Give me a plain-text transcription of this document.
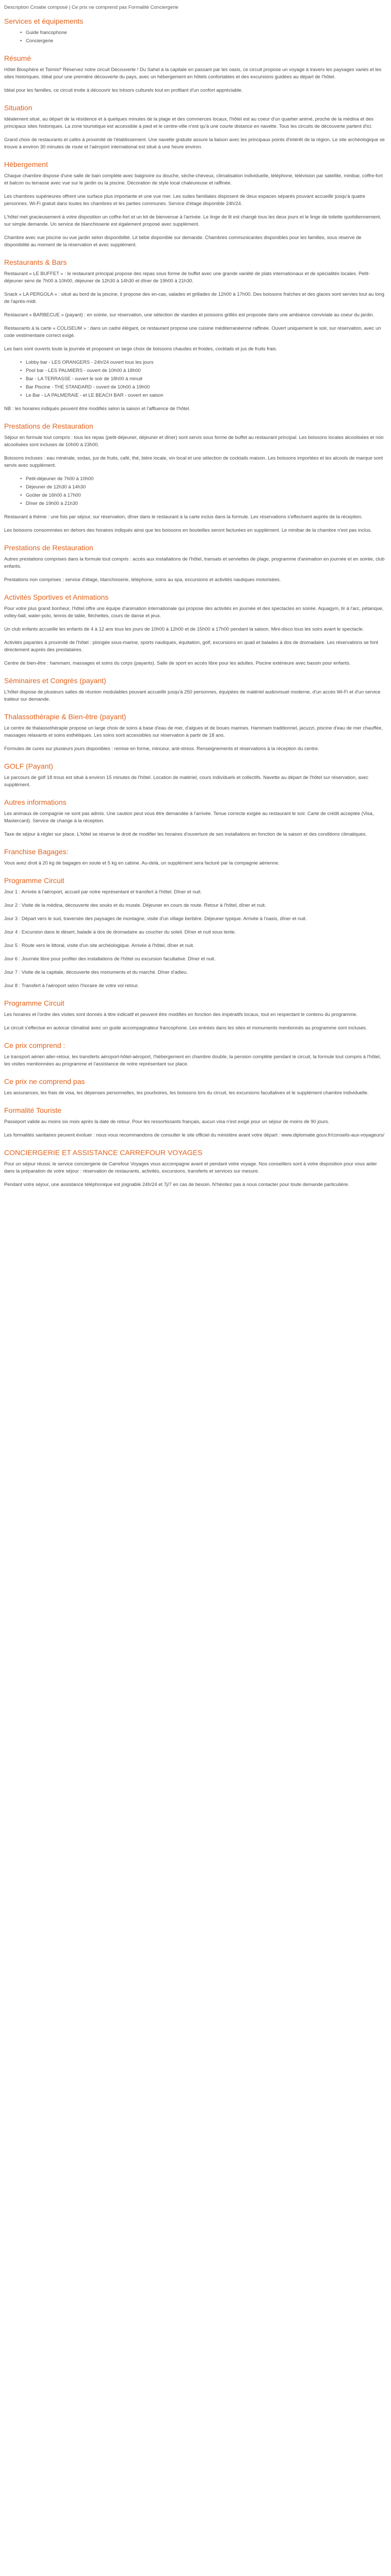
Description Croatie composé | Ce prix ne comprend pas Formalité Conciergerie
Services et équipements
• Guide francophone
• Conciergerie
Résumé

Hôtel Biosphère et Tsimisi* Réservez notre circuit Découverte ! Du Sahel à la capitale en passant par les oasis, ce circuit propose un voyage à travers les paysages variés et les sites historiques. Idéal pour une première découverte du pays, avec un hébergement en hôtels confortables et des excursions guidées au départ de l'hôtel.

Idéal pour les familles, ce circuit invite à découvrir les trésors culturels tout en profitant d'un confort appréciable.

Situation

Idéalement situé, au départ de la résidence et à quelques minutes de la plage et des commerces locaux, l'hôtel est au coeur d'un quartier animé, proche de la médina et des principaux sites historiques. La zone touristique est accessible à pied et le centre-ville n'est qu'à une courte distance en navette. Tous les circuits de découverte partent d'ici.

Grand choix de restaurants et cafés à proximité de l'établissement. Une navette gratuite assure la liaison avec les principaux points d'intérêt de la région. Le site archéologique se trouve à environ 30 minutes de route et l'aéroport international est situé à une heure environ.

Hébergement

Chaque chambre dispose d'une salle de bain complète avec baignoire ou douche, sèche-cheveux, climatisation individuelle, téléphone, télévision par satellite, minibar, coffre-fort et balcon ou terrasse avec vue sur le jardin ou la piscine. Décoration de style local chaleureuse et raffinée.

Les chambres supérieures offrent une surface plus importante et une vue mer. Les suites familiales disposent de deux espaces séparés pouvant accueillir jusqu'à quatre personnes. Wi-Fi gratuit dans toutes les chambres et les parties communes. Service d'étage disponible 24h/24.

L'hôtel met gracieusement à votre disposition un coffre-fort et un kit de bienvenue à l'arrivée. Le linge de lit est changé tous les deux jours et le linge de toilette quotidiennement, sur simple demande. Un service de blanchisserie est également proposé avec supplément.

Chambre avec vue piscine ou vue jardin selon disponibilité. Lit bébé disponible sur demande. Chambres communicantes disponibles pour les familles, sous réserve de disponibilité au moment de la réservation et avec supplément.

Restaurants & Bars

Restaurant « LE BUFFET » : le restaurant principal propose des repas sous forme de buffet avec une grande variété de plats internationaux et de spécialités locales. Petit-déjeuner servi de 7h00 à 10h00, déjeuner de 12h30 à 14h30 et dîner de 19h00 à 21h30.

Snack « LA PERGOLA » : situé au bord de la piscine, il propose des en-cas, salades et grillades de 12h00 à 17h00. Des boissons fraîches et des glaces sont servies tout au long de l'après-midi.

Restaurant « BARBECUE » (payant) : en soirée, sur réservation, une sélection de viandes et poissons grillés est proposée dans une ambiance conviviale au coeur du jardin.

Restaurants à la carte « COLISEUM » : dans un cadre élégant, ce restaurant propose une cuisine méditerranéenne raffinée. Ouvert uniquement le soir, sur réservation, avec un code vestimentaire correct exigé.

Les bars sont ouverts toute la journée et proposent un large choix de boissons chaudes et froides, cocktails et jus de fruits frais.

• Lobby bar - LES ORANGERS - 24h/24 ouvert tous les jours
• Pool bar - LES PALMIERS - ouvert de 10h00 à 18h00
• Bar - LA TERRASSE - ouvert le soir de 18h00 à minuit
• Bar Piscine - THE STANDARD - ouvert de 10h00 à 19h00
• Le Bar - LA PALMERAIE - et LE BEACH BAR - ouvert en saison

NB : les horaires indiqués peuvent être modifiés selon la saison et l'affluence de l'hôtel.

Prestations de Restauration

Séjour en formule tout compris : tous les repas (petit-déjeuner, déjeuner et dîner) sont servis sous forme de buffet au restaurant principal. Les boissons locales alcoolisées et non alcoolisées sont incluses de 10h00 à 23h00.

Boissons incluses : eau minérale, sodas, jus de fruits, café, thé, bière locale, vin local et une sélection de cocktails maison. Les boissons importées et les alcools de marque sont servis avec supplément.

• Petit-déjeuner de 7h00 à 10h00
• Déjeuner de 12h30 à 14h30
• Goûter de 16h00 à 17h00
• Dîner de 19h00 à 21h30

Restaurant à thème : une fois par séjour, sur réservation, dîner dans le restaurant à la carte inclus dans la formule. Les réservations s'effectuent auprès de la réception.

Les boissons consommées en dehors des horaires indiqués ainsi que les boissons en bouteilles seront facturées en supplément. Le minibar de la chambre n'est pas inclus.

Prestations de Restauration

Autres prestations comprises dans la formule tout compris : accès aux installations de l'hôtel, transats et serviettes de plage, programme d'animation en journée et en soirée, club enfants.

Prestations non comprises : service d'étage, blanchisserie, téléphone, soins au spa, excursions et activités nautiques motorisées.

Activités Sportives et Animations

Pour votre plus grand bonheur, l'hôtel offre une équipe d'animation internationale qui propose des activités en journée et des spectacles en soirée. Aquagym, tir à l'arc, pétanque, volley-ball, water-polo, tennis de table, fléchettes, cours de danse et jeux.

Un club enfants accueille les enfants de 4 à 12 ans tous les jours de 10h00 à 12h00 et de 15h00 à 17h00 pendant la saison. Mini-disco tous les soirs avant le spectacle.

Activités payantes à proximité de l'hôtel : plongée sous-marine, sports nautiques, équitation, golf, excursions en quad et balades à dos de dromadaire. Les réservations se font directement auprès des prestataires.

Centre de bien-être : hammam, massages et soins du corps (payants). Salle de sport en accès libre pour les adultes. Piscine extérieure avec bassin pour enfants.

Séminaires et Congrès (payant)

L'hôtel dispose de plusieurs salles de réunion modulables pouvant accueillir jusqu'à 250 personnes, équipées de matériel audiovisuel moderne, d'un accès Wi-Fi et d'un service traiteur sur demande.

Thalassothérapie & Bien-être (payant)

Le centre de thalassothérapie propose un large choix de soins à base d'eau de mer, d'algues et de boues marines. Hammam traditionnel, jacuzzi, piscine d'eau de mer chauffée, massages relaxants et soins esthétiques. Les soins sont accessibles sur réservation à partir de 18 ans.

Formules de cures sur plusieurs jours disponibles : remise en forme, minceur, anti-stress. Renseignements et réservations à la réception du centre.

GOLF (Payant)

Le parcours de golf 18 trous est situé à environ 15 minutes de l'hôtel. Location de matériel, cours individuels et collectifs. Navette au départ de l'hôtel sur réservation, avec supplément.

Autres informations

Les animaux de compagnie ne sont pas admis. Une caution peut vous être demandée à l'arrivée. Tenue correcte exigée au restaurant le soir. Carte de crédit acceptée (Visa, Mastercard). Service de change à la réception.

Taxe de séjour à régler sur place. L'hôtel se réserve le droit de modifier les horaires d'ouverture de ses installations en fonction de la saison et des conditions climatiques.

Franchise Bagages:

Vous avez droit à 20 kg de bagages en soute et 5 kg en cabine. Au-delà, un supplément sera facturé par la compagnie aérienne.

Programme Circuit

Jour 1 : Arrivée à l'aéroport, accueil par notre représentant et transfert à l'hôtel. Dîner et nuit.

Jour 2 : Visite de la médina, découverte des souks et du musée. Déjeuner en cours de route. Retour à l'hôtel, dîner et nuit.

Jour 3 : Départ vers le sud, traversée des paysages de montagne, visite d'un village berbère. Déjeuner typique. Arrivée à l'oasis, dîner et nuit.

Jour 4 : Excursion dans le désert, balade à dos de dromadaire au coucher du soleil. Dîner et nuit sous tente.

Jour 5 : Route vers le littoral, visite d'un site archéologique. Arrivée à l'hôtel, dîner et nuit.

Jour 6 : Journée libre pour profiter des installations de l'hôtel ou excursion facultative. Dîner et nuit.

Jour 7 : Visite de la capitale, découverte des monuments et du marché. Dîner d'adieu.

Jour 8 : Transfert à l'aéroport selon l'horaire de votre vol retour.

Programme Circuit

Les horaires et l'ordre des visites sont donnés à titre indicatif et peuvent être modifiés en fonction des impératifs locaux, tout en respectant le contenu du programme.

Le circuit s'effectue en autocar climatisé avec un guide accompagnateur francophone. Les entrées dans les sites et monuments mentionnés au programme sont incluses.

Ce prix comprend :

Le transport aérien aller-retour, les transferts aéroport-hôtel-aéroport, l'hébergement en chambre double, la pension complète pendant le circuit, la formule tout compris à l'hôtel, les visites mentionnées au programme et l'assistance de notre représentant sur place.

Ce prix ne comprend pas

Les assurances, les frais de visa, les dépenses personnelles, les pourboires, les boissons lors du circuit, les excursions facultatives et le supplément chambre individuelle.

Formalité Touriste

Passeport valide au moins six mois après la date de retour. Pour les ressortissants français, aucun visa n'est exigé pour un séjour de moins de 90 jours.

Les formalités sanitaires peuvent évoluer : nous vous recommandons de consulter le site officiel du ministère avant votre départ : www.diplomatie.gouv.fr/conseils-aux-voyageurs/

CONCIERGERIE ET ASSISTANCE CARREFOUR VOYAGES

Pour un séjour réussi, le service conciergerie de Carrefour Voyages vous accompagne avant et pendant votre voyage. Nos conseillers sont à votre disposition pour vous aider dans la préparation de votre séjour : réservation de restaurants, activités, excursions, transferts et services sur mesure.

Pendant votre séjour, une assistance téléphonique est joignable 24h/24 et 7j/7 en cas de besoin. N'hésitez pas à nous contacter pour toute demande particulière.
